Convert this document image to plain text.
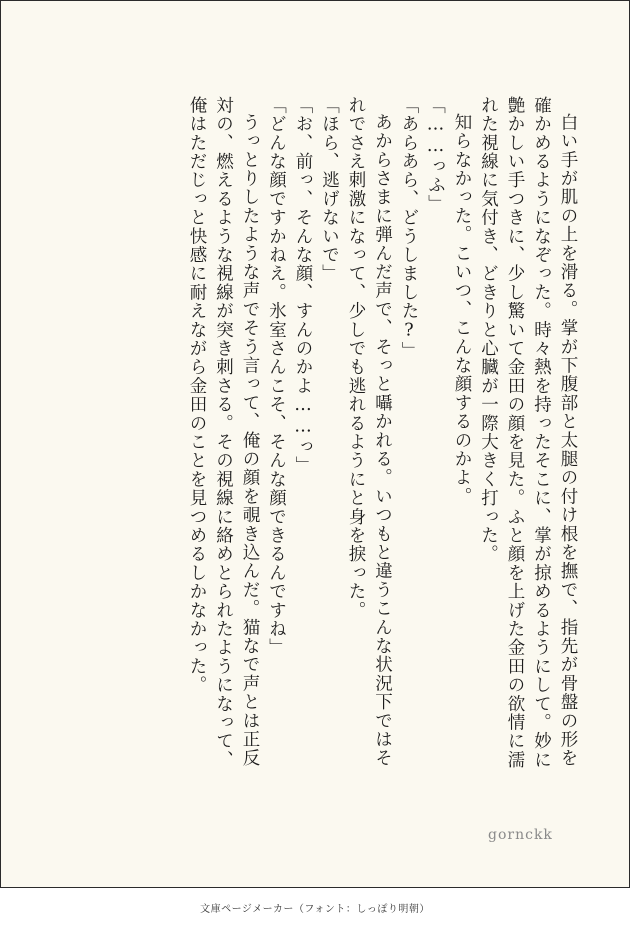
白い手が肌の上を滑る。掌が下腹部と太腿の付け根を撫で、指先が骨盤の形を
確かめるようになぞった。時々熱を持ったそこに、掌が掠めるようにして。妙に
艶かしい手つきに、少し驚いて金田の顔を見た。ふと顔を上げた金田の欲情に濡
れた視線に気付き、どきりと心臓が一際大きく打った。
知らなかった。こいつ、こんな顔するのかよ。
「……っふ」
「あらあら、どうしました?」
あからさまに弾んだ声で、そっと囁かれる。いつもと違うこんな状況下ではそ
れでさえ刺激になって、少しでも逃れるようにと身を捩った。
「ほら、逃げないで」
「お、前っ、そんな顔、すんのかよ……っ」
「どんな顔ですかねえ。氷室さんこそ、そんな顔できるんですね」
うっとりしたような声でそう言って、俺の顔を覗き込んだ。猫なで声とは正反
対の、燃えるような視線が突き刺さる。その視線に絡めとられたようになって、
俺はただじっと快感に耐えながら金田のことを見つめるしかなかった。
gornckk
文庫ページメーカー（フォント：しっぽり明朝）
